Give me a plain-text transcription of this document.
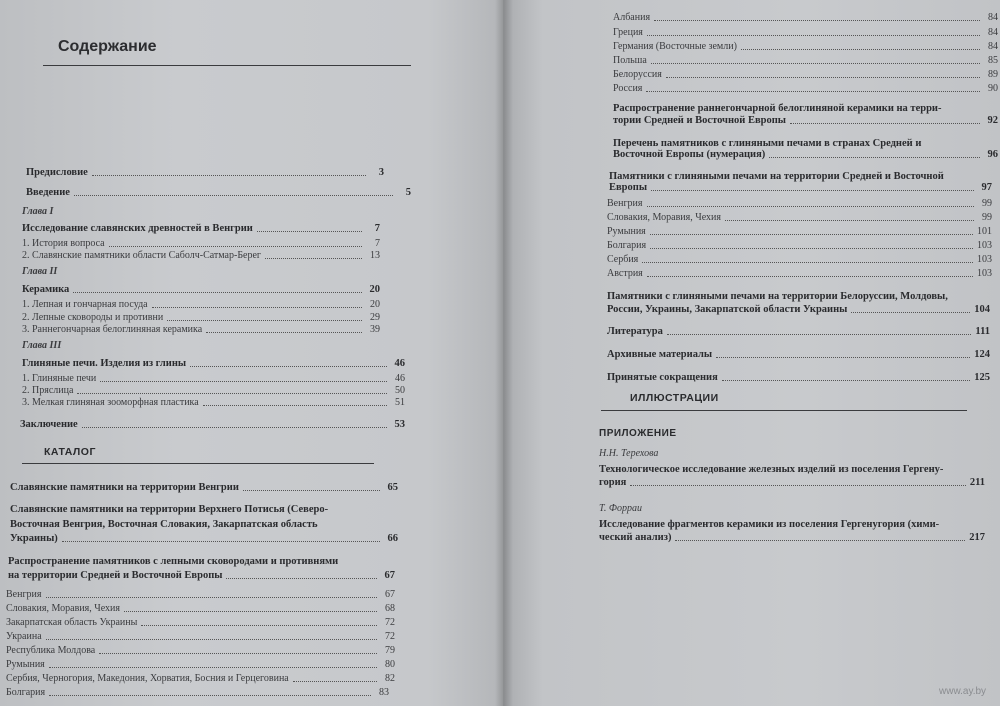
Содержание
Предисловие	3
Введение	5
Глава I
Исследование славянских древностей в Венгрии	7
1. История вопроса	7
2. Славянские памятники области Саболч-Сатмар-Берег	13
Глава II
Керамика	20
1. Лепная и гончарная посуда	20
2. Лепные сковороды и противни	29
3. Раннегончарная белоглиняная керамика	39
Глава III
Глиняные печи. Изделия из глины	46
1. Глиняные печи	46
2. Пряслица	50
3. Мелкая глиняная зооморфная пластика	51
Заключение	53
КАТАЛОГ
Славянские памятники на территории Венгрии	65
Славянские памятники на территории Верхнего Потисья (Северо-
Восточная Венгрия, Восточная Словакия, Закарпатская область
Украины)	66
Распространение памятников с лепными сковородами и противнями
на территории Средней и Восточной Европы	67
Венгрия	67
Словакия, Моравия, Чехия	68
Закарпатская область Украины	72
Украина	72
Республика Молдова	79
Румыния	80
Сербия, Черногория, Македония, Хорватия, Босния и Герцеговина	82
Болгария	83
Албания	84
Греция	84
Германия (Восточные земли)	84
Польша	85
Белоруссия	89
Россия	90
Распространение раннегончарной белоглиняной керамики на терри-
тории Средней и Восточной Европы	92
Перечень памятников с глиняными печами в странах Средней и
Восточной Европы (нумерация)	96
Памятники с глиняными печами на территории Средней и Восточной
Европы	97
Венгрия	99
Словакия, Моравия, Чехия	99
Румыния	101
Болгария	103
Сербия	103
Австрия	103
Памятники с глиняными печами на территории Белоруссии, Молдовы,
России, Украины, Закарпатской области Украины	104
Литература	111
Архивные материалы	124
Принятые сокращения	125
ИЛЛЮСТРАЦИИ
ПРИЛОЖЕНИЕ
Н.Н. Терехова
Технологическое исследование железных изделий из поселения Гергену-
гория	211
Т. Форраи
Исследование фрагментов керамики из поселения Гергенугория (хими-
ческий анализ)	217
www.ay.by
